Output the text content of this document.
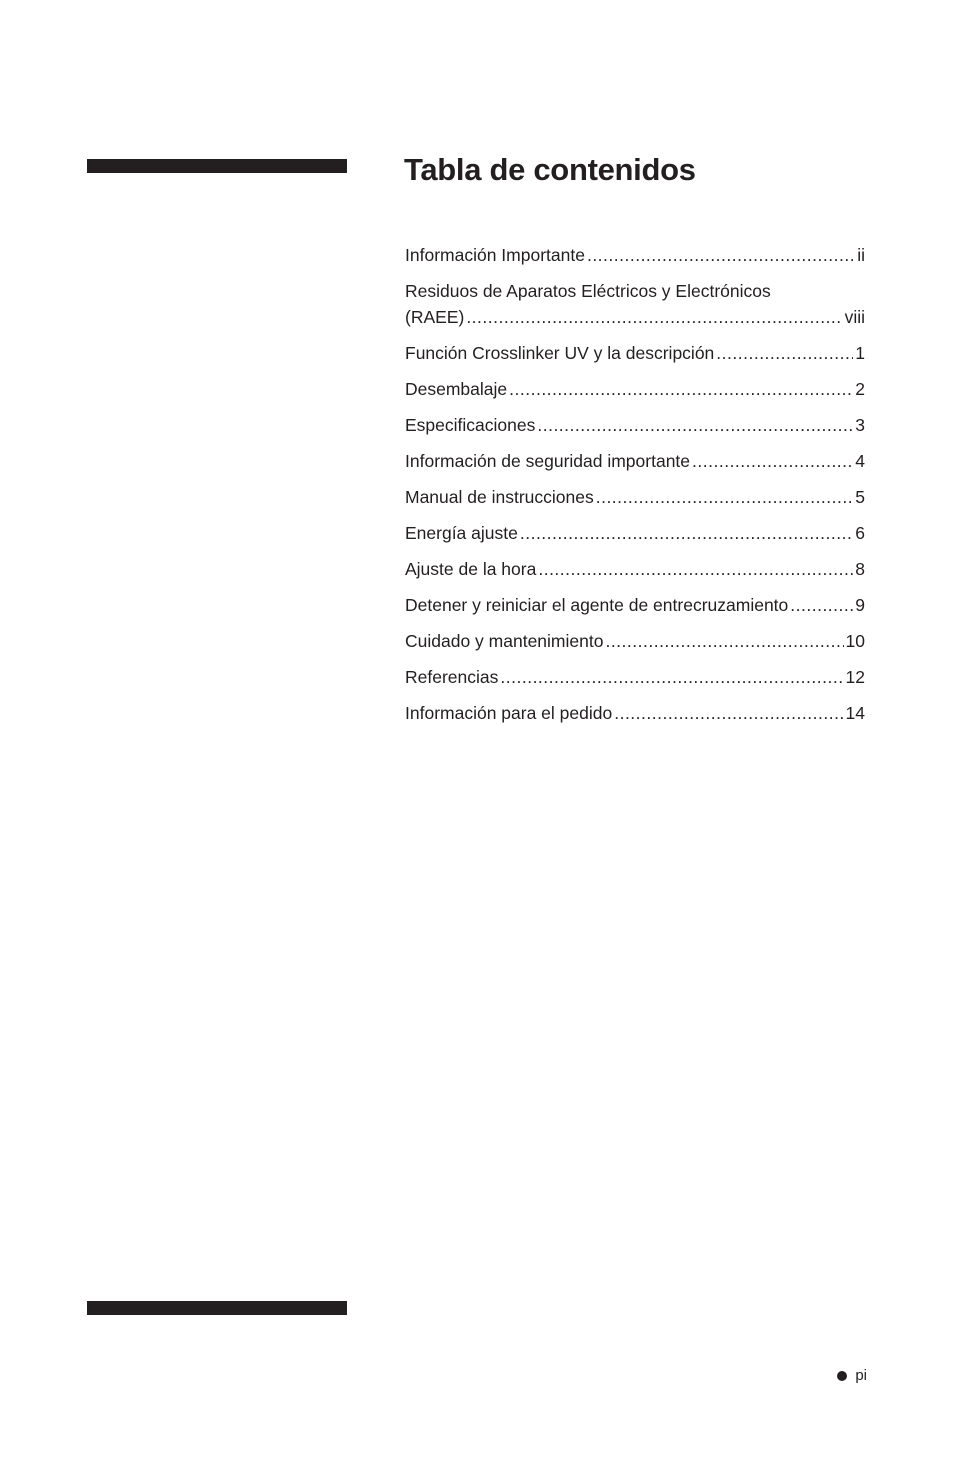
Tabla de contenidos
Información Importante .....	ii
Residuos de Aparatos Eléctricos y Electrónicos
(RAEE) .....	viii
Función Crosslinker UV y la descripción .....	1
Desembalaje .....	2
Especificaciones .....	3
Información de seguridad importante .....	4
Manual de instrucciones .....	5
Energía ajuste .....	6
Ajuste de la hora .....	8
Detener y reiniciar el agente de entrecruzamiento .....	9
Cuidado y mantenimiento .....	10
Referencias .....	12
Información para el pedido .....	14
pi
